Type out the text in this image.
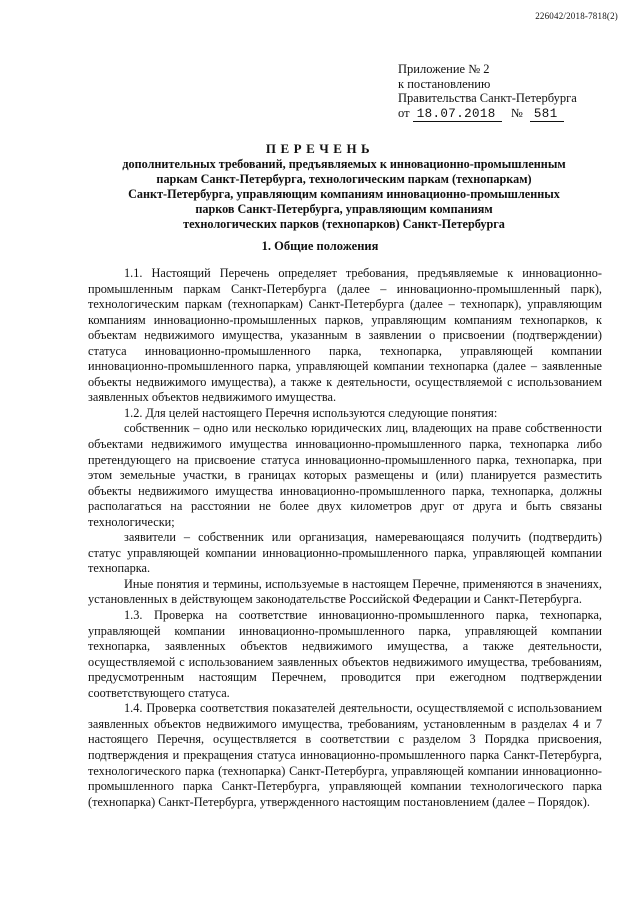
226042/2018-7818(2)
Приложение № 2
к постановлению
Правительства Санкт-Петербурга
от 18.07.2018 № 581
ПЕРЕЧЕНЬ
дополнительных требований, предъявляемых к инновационно-промышленным
паркам Санкт-Петербурга, технологическим паркам (технопаркам)
Санкт-Петербурга, управляющим компаниям инновационно-промышленных
парков Санкт-Петербурга, управляющим компаниям
технологических парков (технопарков) Санкт-Петербурга
1. Общие положения

1.1. Настоящий Перечень определяет требования, предъявляемые к инновационно-промышленным паркам Санкт-Петербурга (далее – инновационно-промышленный парк), технологическим паркам (технопаркам) Санкт-Петербурга (далее – технопарк), управляющим компаниям инновационно-промышленных парков, управляющим компаниям технопарков, к объектам недвижимого имущества, указанным в заявлении о присвоении (подтверждении) статуса инновационно-промышленного парка, технопарка, управляющей компании инновационно-промышленного парка, управляющей компании технопарка (далее – заявленные объекты недвижимого имущества), а также к деятельности, осуществляемой с использованием заявленных объектов недвижимого имущества.

1.2. Для целей настоящего Перечня используются следующие понятия:

собственник – одно или несколько юридических лиц, владеющих на праве собственности объектами недвижимого имущества инновационно-промышленного парка, технопарка либо претендующего на присвоение статуса инновационно-промышленного парка, технопарка, при этом земельные участки, в границах которых размещены и (или) планируется разместить объекты недвижимого имущества инновационно-промышленного парка, технопарка, должны располагаться на расстоянии не более двух километров друг от друга и быть связаны технологически;

заявители – собственник или организация, намеревающаяся получить (подтвердить) статус управляющей компании инновационно-промышленного парка, управляющей компании технопарка.

Иные понятия и термины, используемые в настоящем Перечне, применяются в значениях, установленных в действующем законодательстве Российской Федерации и Санкт-Петербурга.

1.3. Проверка на соответствие инновационно-промышленного парка, технопарка, управляющей компании инновационно-промышленного парка, управляющей компании технопарка, заявленных объектов недвижимого имущества, а также деятельности, осуществляемой с использованием заявленных объектов недвижимого имущества, требованиям, предусмотренным настоящим Перечнем, проводится при ежегодном подтверждении соответствующего статуса.

1.4. Проверка соответствия показателей деятельности, осуществляемой с использованием заявленных объектов недвижимого имущества, требованиям, установленным в разделах 4 и 7 настоящего Перечня, осуществляется в соответствии с разделом 3 Порядка присвоения, подтверждения и прекращения статуса инновационно-промышленного парка Санкт-Петербурга, технологического парка (технопарка) Санкт-Петербурга, управляющей компании инновационно-промышленного парка Санкт-Петербурга, управляющей компании технологического парка (технопарка) Санкт-Петербурга, утвержденного настоящим постановлением (далее – Порядок).
